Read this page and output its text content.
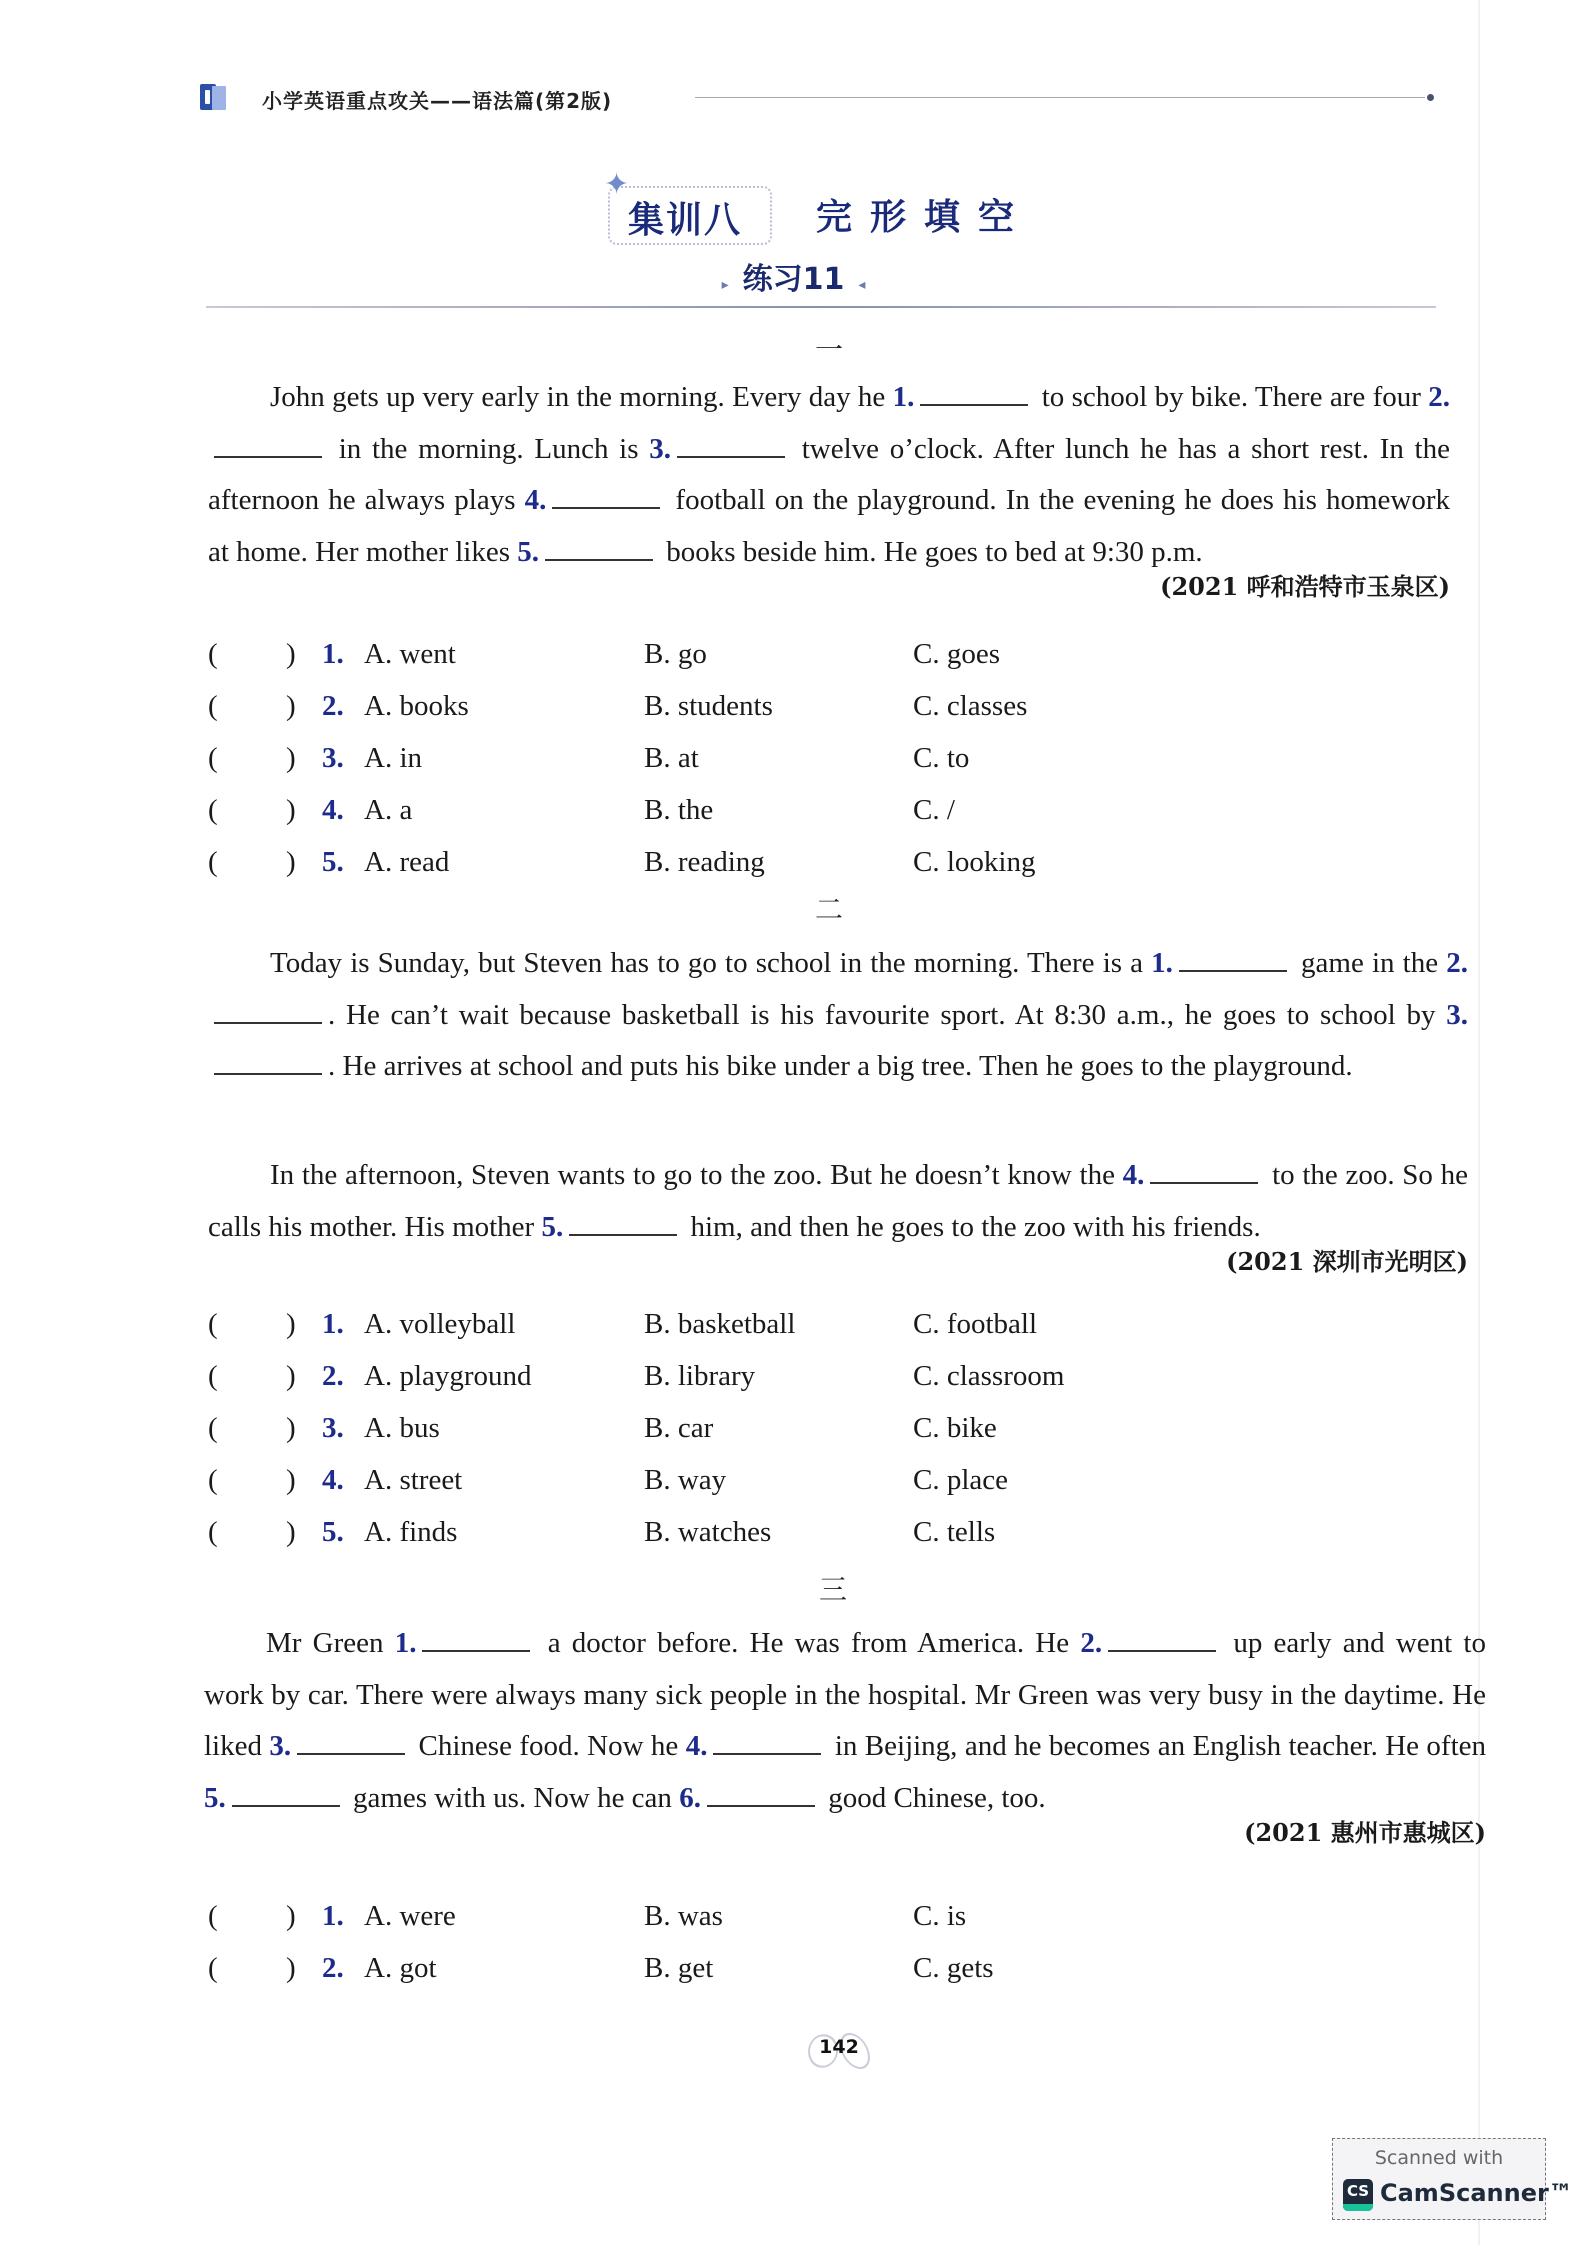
小学英语重点攻关——语法篇(第2版)
✦
集训八 完形填空
▸ 练习11 ◂
一
John gets up very early in the morning. Every day he 1.	to school by bike. There are four 2. in the morning. Lunch is 3.	twelve o’clock. After lunch he has a short rest. In the afternoon he always plays 4.	football on the playground. In the evening he does his homework at home. Her mother likes 5.	books beside him. He goes to bed at 9:30 p.m.

(2021 呼和浩特市玉泉区)
( ) 1. A. went	B. go	C. goes
( ) 2. A. books	B. students	C. classes
( ) 3. A. in	B. at	C. to
( ) 4. A. a	B. the	C. /
( ) 5. A. read	B. reading	C. looking
二
Today is Sunday, but Steven has to go to school in the morning. There is a 1.	game in the 2.. He can’t wait because basketball is his favourite sport. At 8:30 a.m., he goes to school by 3.. He arrives at school and puts his bike under a big tree. Then he goes to the playground.
In the afternoon, Steven wants to go to the zoo. But he doesn’t know the 4.	to the zoo. So he calls his mother. His mother 5.	him, and then he goes to the zoo with his friends.

(2021 深圳市光明区)
( ) 1. A. volleyball	B. basketball	C. football
( ) 2. A. playground	B. library	C. classroom
( ) 3. A. bus	B. car	C. bike
( ) 4. A. street	B. way	C. place
( ) 5. A. finds	B. watches	C. tells
三
Mr Green 1.	a doctor before. He was from America. He 2.	up early and went to work by car. There were always many sick people in the hospital. Mr Green was very busy in the daytime. He liked 3.	Chinese food. Now he 4.	in Beijing, and he becomes an English teacher. He often 5.	games with us. Now he can 6.	good Chinese, too.

(2021 惠州市惠城区)
( ) 1. A. were	B. was	C. is
( ) 2. A. got	B. get	C. gets
142
Scanned with
CS CamScanner™
